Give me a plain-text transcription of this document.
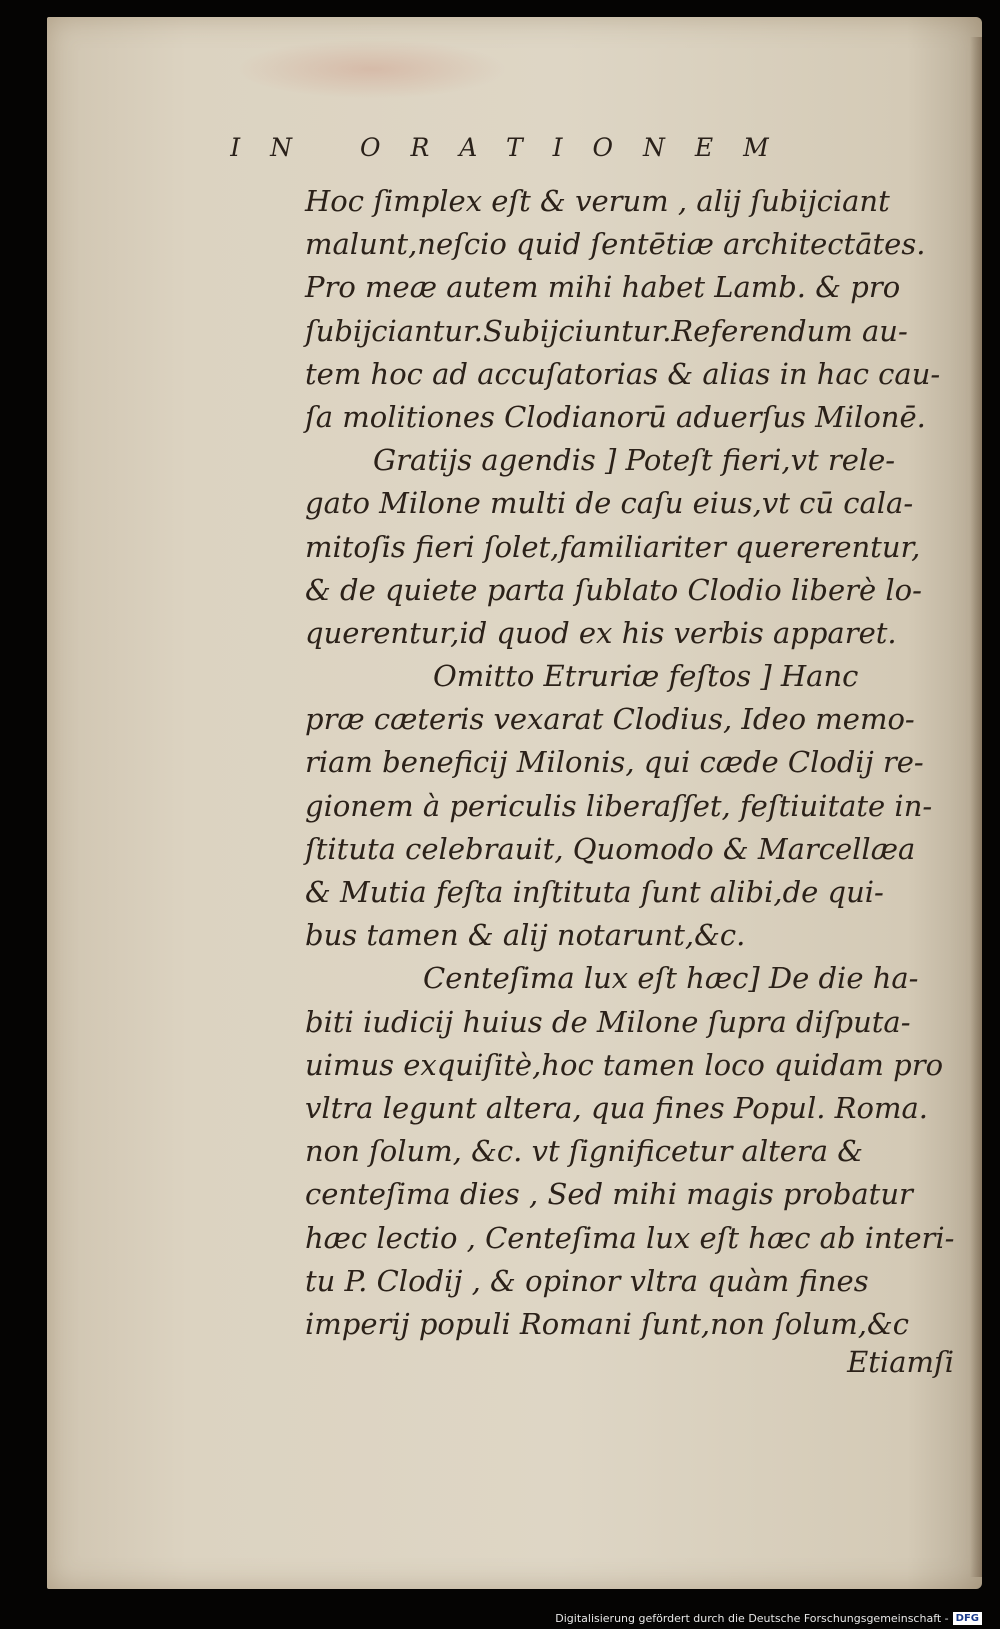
IN ORATIONEM
Hoc ſimplex eſt & verum , alij ſubijciant
malunt,neſcio quid ſentētiæ architectātes.
Pro meæ autem mihi habet Lamb. & pro
ſubijciantur.Subijciuntur.Referendum au-
tem hoc ad accuſatorias & alias in hac cau-
ſa molitiones Clodianorū aduerſus Milonē.
Gratijs agendis ] Poteſt fieri,vt rele-
gato Milone multi de caſu eius,vt cū cala-
mitoſis fieri ſolet,familiariter quererentur,
& de quiete parta ſublato Clodio liberè lo-
querentur,id quod ex his verbis apparet.
Omitto Etruriæ feſtos ] Hanc
præ cæteris vexarat Clodius, Ideo memo-
riam beneficij Milonis, qui cæde Clodij re-
gionem à periculis liberaſſet, feſtiuitate in-
ſtituta celebrauit, Quomodo & Marcellæa
& Mutia feſta inſtituta ſunt alibi,de qui-
bus tamen & alij notarunt,&c.
Centeſima lux eſt hæc] De die ha-
biti iudicij huius de Milone ſupra diſputa-
uimus exquiſitè,hoc tamen loco quidam pro
vltra legunt altera, qua fines Popul. Roma.
non ſolum, &c. vt ſignificetur altera &
centeſima dies , Sed mihi magis probatur
hæc lectio , Centeſima lux eſt hæc ab interi-
tu P. Clodij , & opinor vltra quàm fines
imperij populi Romani ſunt,non ſolum,&c
Etiamſi
Digitalisierung gefördert durch die Deutsche Forschungsgemeinschaft - DFG
